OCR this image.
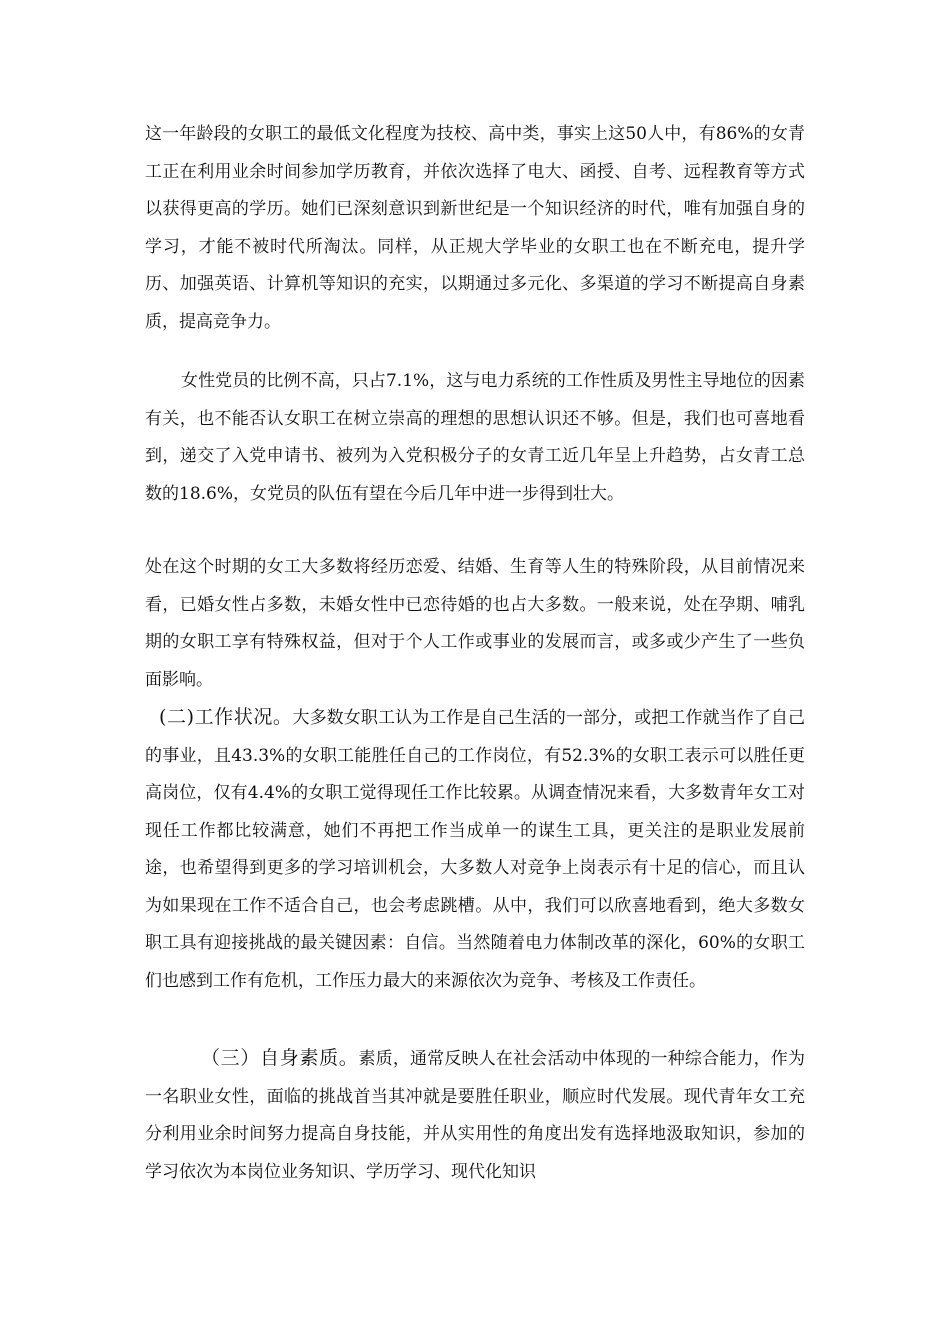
这一年龄段的女职工的最低文化程度为技校、高中类，事实上这50人中，有86%的女青工正在利用业余时间参加学历教育，并依次选择了电大、函授、自考、远程教育等方式以获得更高的学历。她们已深刻意识到新世纪是一个知识经济的时代，唯有加强自身的学习，才能不被时代所淘汰。同样，从正规大学毕业的女职工也在不断充电，提升学历、加强英语、计算机等知识的充实，以期通过多元化、多渠道的学习不断提高自身素质，提高竞争力。

女性党员的比例不高，只占7.1%，这与电力系统的工作性质及男性主导地位的因素有关，也不能否认女职工在树立崇高的理想的思想认识还不够。但是，我们也可喜地看到，递交了入党申请书、被列为入党积极分子的女青工近几年呈上升趋势，占女青工总数的18.6%，女党员的队伍有望在今后几年中进一步得到壮大。

处在这个时期的女工大多数将经历恋爱、结婚、生育等人生的特殊阶段，从目前情况来看，已婚女性占多数，未婚女性中已恋待婚的也占大多数。一般来说，处在孕期、哺乳期的女职工享有特殊权益，但对于个人工作或事业的发展而言，或多或少产生了一些负面影响。

(二)工作状况。大多数女职工认为工作是自己生活的一部分，或把工作就当作了自己的事业，且43.3%的女职工能胜任自己的工作岗位，有52.3%的女职工表示可以胜任更高岗位，仅有4.4%的女职工觉得现任工作比较累。从调查情况来看，大多数青年女工对现任工作都比较满意，她们不再把工作当成单一的谋生工具，更关注的是职业发展前途，也希望得到更多的学习培训机会，大多数人对竞争上岗表示有十足的信心，而且认为如果现在工作不适合自己，也会考虑跳槽。从中，我们可以欣喜地看到，绝大多数女职工具有迎接挑战的最关键因素：自信。当然随着电力体制改革的深化，60%的女职工们也感到工作有危机，工作压力最大的来源依次为竞争、考核及工作责任。

（三）自身素质。素质，通常反映人在社会活动中体现的一种综合能力，作为一名职业女性，面临的挑战首当其冲就是要胜任职业，顺应时代发展。现代青年女工充分利用业余时间努力提高自身技能，并从实用性的角度出发有选择地汲取知识，参加的学习依次为本岗位业务知识、学历学习、现代化知识
